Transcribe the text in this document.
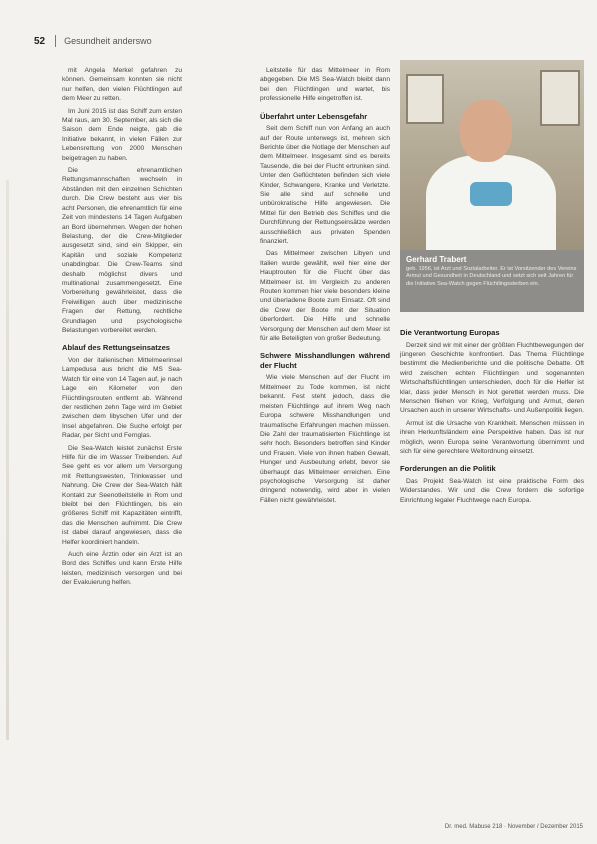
52 Gesundheit anderswo

mit Angela Merkel gefahren zu können. Gemeinsam konnten sie nicht nur helfen, den vielen Flüchtlingen auf dem Meer zu retten.

Im Juni 2015 ist das Schiff zum ersten Mal raus, am 30. September, als sich die Saison dem Ende neigte, gab die Initiative bekannt, in vielen Fällen zur Lebensrettung von 2000 Menschen beigetragen zu haben.

Die ehrenamtlichen Rettungsmannschaften wechseln in Abständen mit den einzelnen Schichten durch. Die Crew besteht aus vier bis acht Personen, die ehrenamtlich für eine Zeit von mindestens 14 Tagen Aufgaben an Bord übernehmen. Wegen der hohen Belastung, der die Crew-Mitglieder ausgesetzt sind, sind ein Skipper, ein Kapitän und soziale Kompetenz unabdingbar. Die Crew-Teams sind deshalb möglichst divers und multinational zusammengesetzt. Eine Vorbereitung gewährleistet, dass die Freiwilligen auch über medizinische Fragen der Rettung, rechtliche Grundlagen und psychologische Belastungen vorbereitet werden.

Ablauf des Rettungseinsatzes

Von der italienischen Mittelmeerinsel Lampedusa aus bricht die MS Sea-Watch für eine von 14 Tagen auf, je nach Lage ein Kilometer von den Flüchtlingsrouten entfernt ab. Während der restlichen zehn Tage wird im Gebiet zwischen dem libyschen Ufer und der Insel abgefahren. Die Suche erfolgt per Radar, per Sicht und Fernglas.

Die Sea-Watch leistet zunächst Erste Hilfe für die im Wasser Treibenden. Auf See geht es vor allem um Versorgung mit Rettungswesten, Trinkwasser und Nahrung. Die Crew der Sea-Watch hält Kontakt zur Seenotleitstelle in Rom und bleibt bei den Flüchtlingen, bis ein größeres Schiff mit Kapazitäten eintrifft, das die Menschen aufnimmt. Die Crew ist dabei darauf angewiesen, dass die Helfer koordiniert handeln.

Auch eine Ärztin oder ein Arzt ist an Bord des Schiffes und kann Erste Hilfe leisten, medizinisch versorgen und bei der Evakuierung helfen.

Leitstelle für das Mittelmeer in Rom abgegeben. Die MS Sea-Watch bleibt dann bei den Flüchtlingen und wartet, bis professionelle Hilfe eingetroffen ist.

Überfahrt unter Lebensgefahr

Seit dem Schiff nun von Anfang an auch auf der Route unterwegs ist, mehren sich Berichte über die Notlage der Menschen auf dem Mittelmeer. Insgesamt sind es bereits Tausende, die bei der Flucht ertrunken sind. Unter den Geflüchteten befinden sich viele Kinder, Schwangere, Kranke und Verletzte. Sie alle sind auf schnelle und unbürokratische Hilfe angewiesen. Die Mittel für den Betrieb des Schiffes und die Durchführung der Rettungseinsätze werden ausschließlich aus privaten Spenden finanziert.

Das Mittelmeer zwischen Libyen und Italien wurde gewählt, weil hier eine der Hauptrouten für die Flucht über das Mittelmeer ist. Im Vergleich zu anderen Routen kommen hier viele besonders kleine und überladene Boote zum Einsatz. Oft sind die Crew der Boote mit der Situation überfordert. Die Hilfe und schnelle Versorgung der Menschen auf dem Meer ist für alle Beteiligten von großer Bedeutung.

Schwere Misshandlungen während der Flucht

Wie viele Menschen auf der Flucht im Mittelmeer zu Tode kommen, ist nicht bekannt. Fest steht jedoch, dass die meisten Flüchtlinge auf ihrem Weg nach Europa schwere Misshandlungen und traumatische Erfahrungen machen müssen. Die Zahl der traumatisierten Flüchtlinge ist sehr hoch. Besonders betroffen sind Kinder und Frauen. Viele von ihnen haben Gewalt, Hunger und Ausbeutung erlebt, bevor sie überhaupt das Mittelmeer erreichen. Eine psychologische Versorgung ist daher dringend notwendig, wird aber in vielen Fällen nicht gewährleistet.

Gerhard Trabert
geb. 1956, ist Arzt und Sozialarbeiter. Er ist Vorsitzender des Vereins Armut und Gesundheit in Deutschland und setzt sich seit Jahren für die Initiative Sea-Watch gegen Flüchtlingssterben ein.
Die Verantwortung Europas

Derzeit sind wir mit einer der größten Fluchtbewegungen der jüngeren Geschichte konfrontiert. Das Thema Flüchtlinge bestimmt die Medienberichte und die politische Debatte. Oft wird zwischen echten Flüchtlingen und sogenannten Wirtschaftsflüchtlingen unterschieden, doch für die Helfer ist klar, dass jeder Mensch in Not gerettet werden muss. Die Menschen fliehen vor Krieg, Verfolgung und Armut, deren Ursachen auch in unserer Wirtschafts- und Außenpolitik liegen.

Armut ist die Ursache von Krankheit. Menschen müssen in ihren Herkunftsländern eine Perspektive haben. Das ist nur möglich, wenn Europa seine Verantwortung übernimmt und sich für eine gerechtere Weltordnung einsetzt.

Forderungen an die Politik

Das Projekt Sea-Watch ist eine praktische Form des Widerstandes. Wir und die Crew fordern die sofortige Einrichtung legaler Fluchtwege nach Europa.

Dr. med. Mabuse 218 · November / Dezember 2015
